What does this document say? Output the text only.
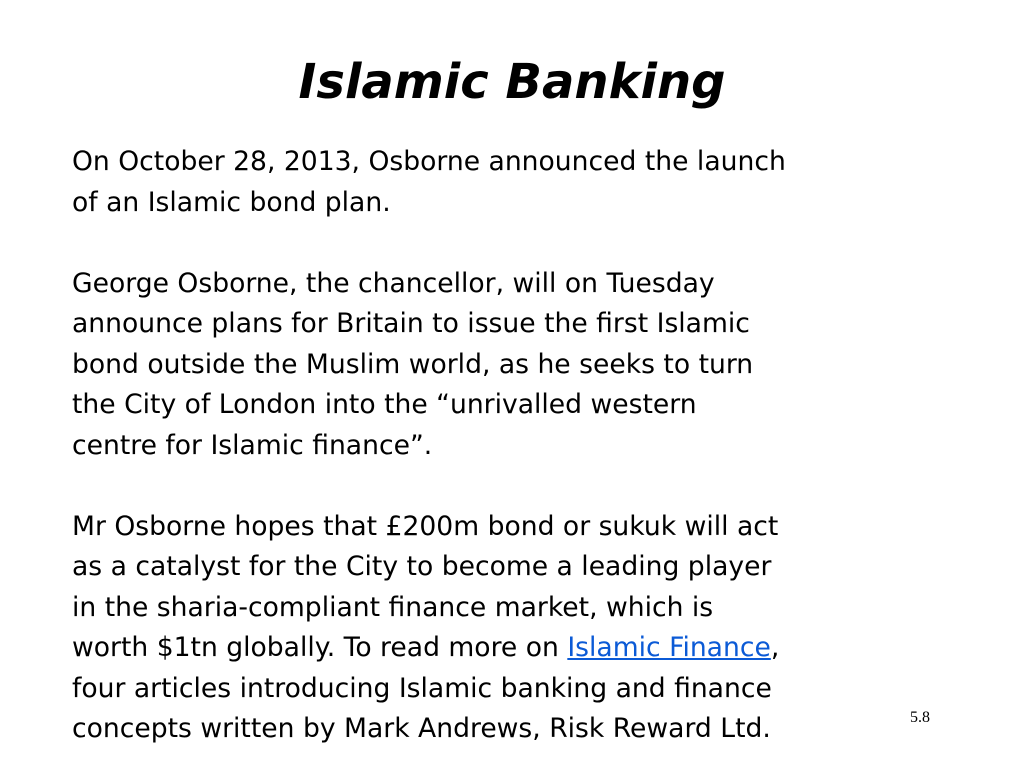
Islamic Banking
On October 28, 2013, Osborne announced the launch
of an Islamic bond plan.
George Osborne, the chancellor, will on Tuesday
announce plans for Britain to issue the first Islamic
bond outside the Muslim world, as he seeks to turn
the City of London into the “unrivalled western
centre for Islamic finance”.
Mr Osborne hopes that £200m bond or sukuk will act
as a catalyst for the City to become a leading player
in the sharia-compliant finance market, which is
worth $1tn globally. To read more on Islamic Finance,
four articles introducing Islamic banking and finance
concepts written by Mark Andrews, Risk Reward Ltd.	5.8
